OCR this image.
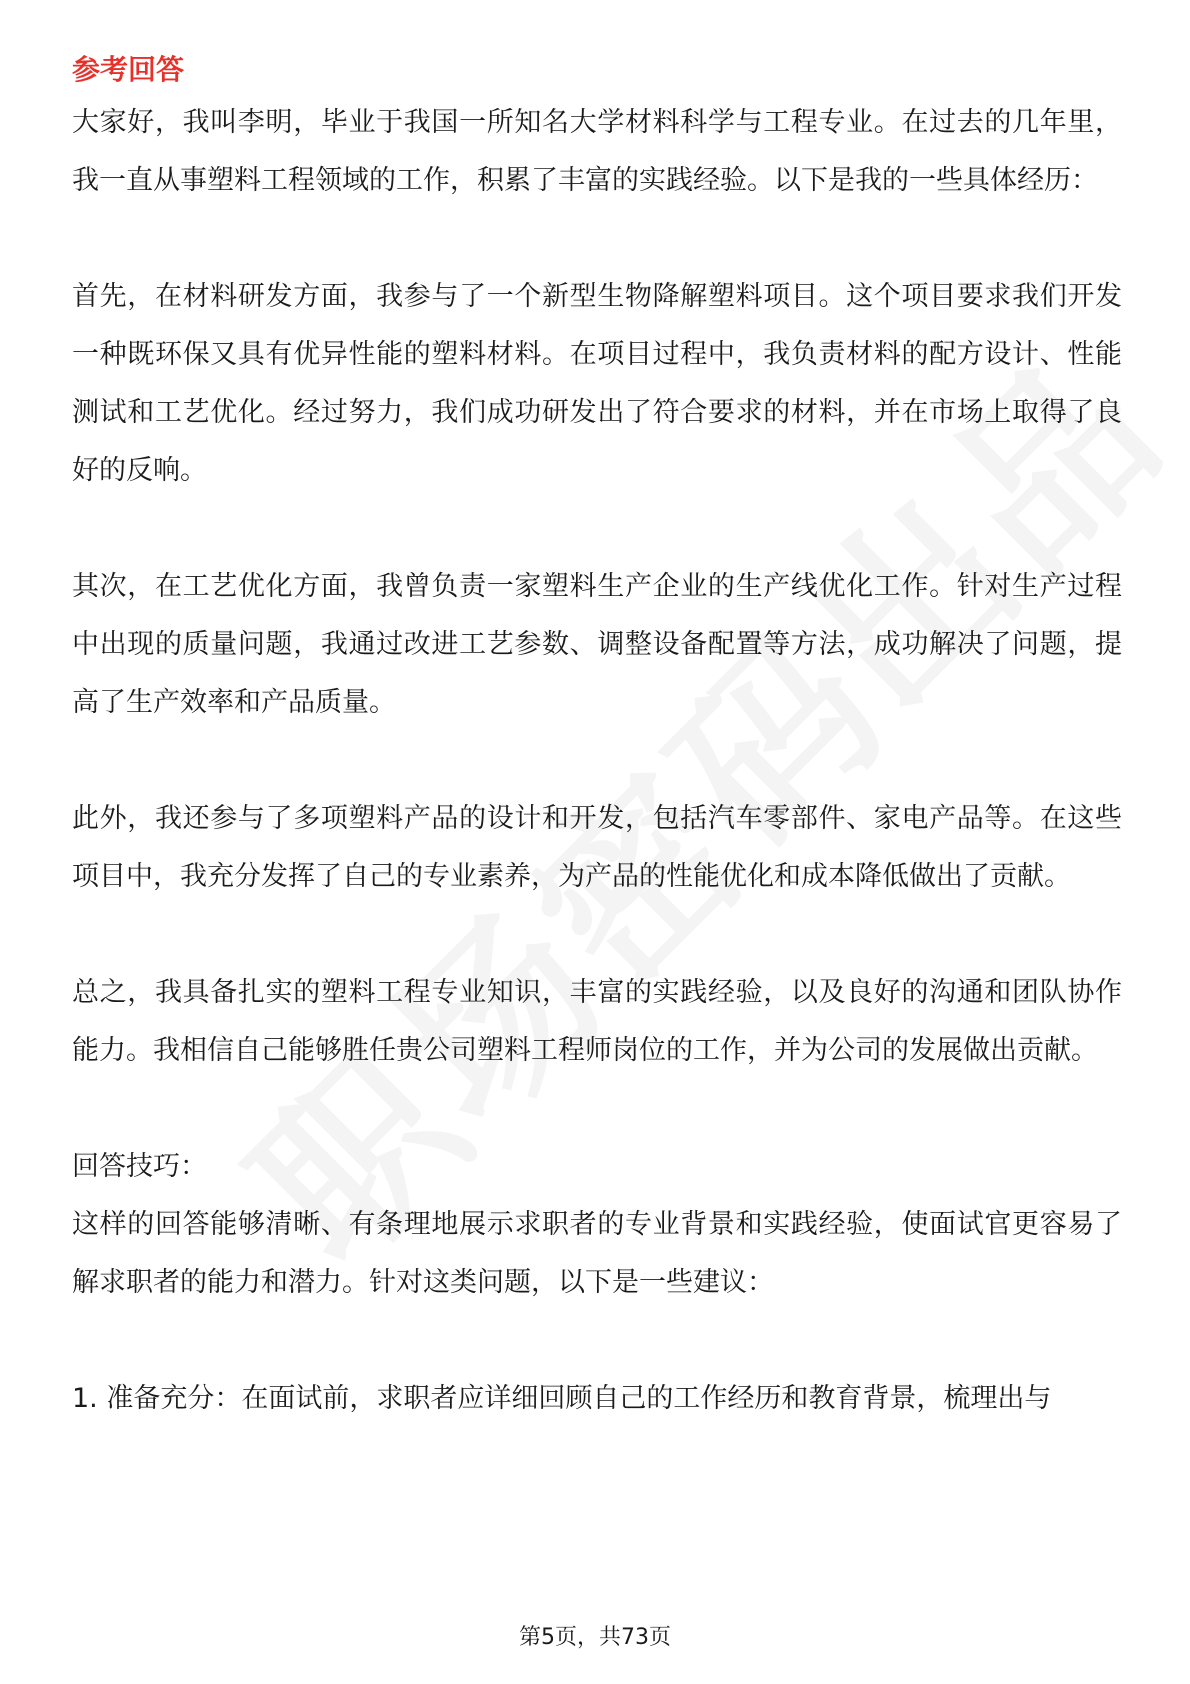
参考回答

大家好，我叫李明，毕业于我国一所知名大学材料科学与工程专业。在过去的几年里，我一直从事塑料工程领域的工作，积累了丰富的实践经验。以下是我的一些具体经历：

首先，在材料研发方面，我参与了一个新型生物降解塑料项目。这个项目要求我们开发一种既环保又具有优异性能的塑料材料。在项目过程中，我负责材料的配方设计、性能测试和工艺优化。经过努力，我们成功研发出了符合要求的材料，并在市场上取得了良好的反响。

其次，在工艺优化方面，我曾负责一家塑料生产企业的生产线优化工作。针对生产过程中出现的质量问题，我通过改进工艺参数、调整设备配置等方法，成功解决了问题，提高了生产效率和产品质量。

此外，我还参与了多项塑料产品的设计和开发，包括汽车零部件、家电产品等。在这些项目中，我充分发挥了自己的专业素养，为产品的性能优化和成本降低做出了贡献。

总之，我具备扎实的塑料工程专业知识，丰富的实践经验，以及良好的沟通和团队协作能力。我相信自己能够胜任贵公司塑料工程师岗位的工作，并为公司的发展做出贡献。

回答技巧：

这样的回答能够清晰、有条理地展示求职者的专业背景和实践经验，使面试官更容易了解求职者的能力和潜力。针对这类问题，以下是一些建议：

1. 准备充分：在面试前，求职者应详细回顾自己的工作经历和教育背景，梳理出与

第5页，共73页
